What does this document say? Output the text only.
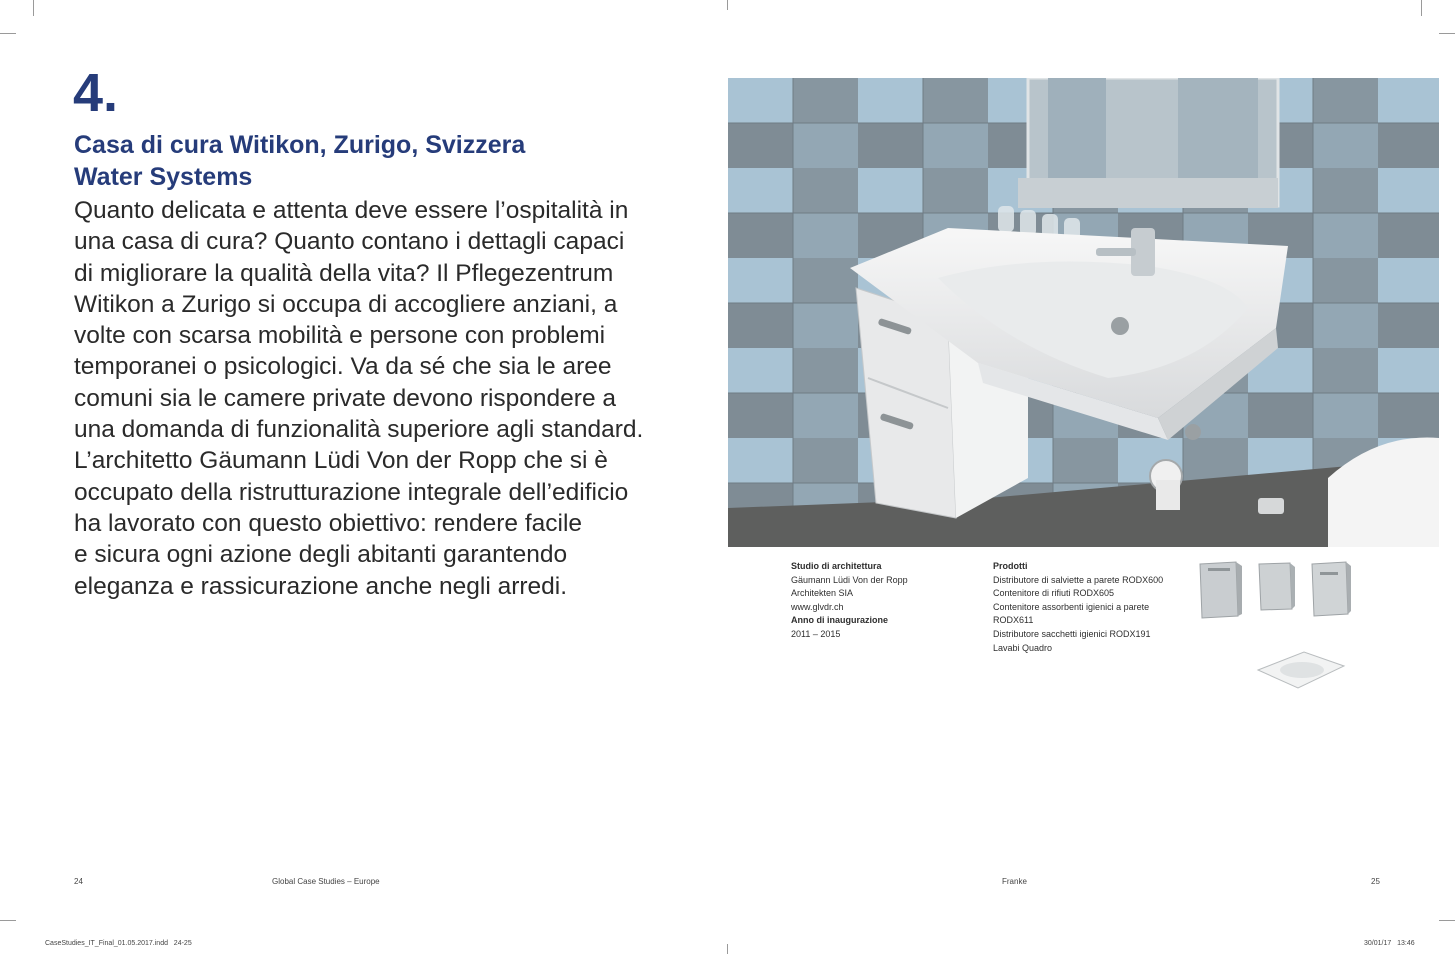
4.
Casa di cura Witikon, Zurigo, Svizzera
Water Systems

Quanto delicata e attenta deve essere l’ospitalità in
una casa di cura? Quanto contano i dettagli capaci
di migliorare la qualità della vita? Il Pflegezentrum
Witikon a Zurigo si occupa di accogliere anziani, a
volte con scarsa mobilità e persone con problemi
temporanei o psicologici. Va da sé che sia le aree
comuni sia le camere private devono rispondere a
una domanda di funzionalità superiore agli standard.
L’architetto Gäumann Lüdi Von der Ropp che si è
occupato della ristrutturazione integrale dell’edificio
ha lavorato con questo obiettivo: rendere facile
e sicura ogni azione degli abitanti garantendo
eleganza e rassicurazione anche negli arredi.

Studio di architettura
Gäumann Lüdi Von der Ropp
Architekten SIA
www.glvdr.ch
Anno di inaugurazione
2011 – 2015
Prodotti
Distributore di salviette a parete RODX600
Contenitore di rifiuti RODX605
Contenitore assorbenti igienici a parete
RODX611
Distributore sacchetti igienici RODX191
Lavabi Quadro
24	Global Case Studies – Europe	Franke	25
CaseStudies_IT_Final_01.05.2017.indd   24-25	30/01/17   13:46
